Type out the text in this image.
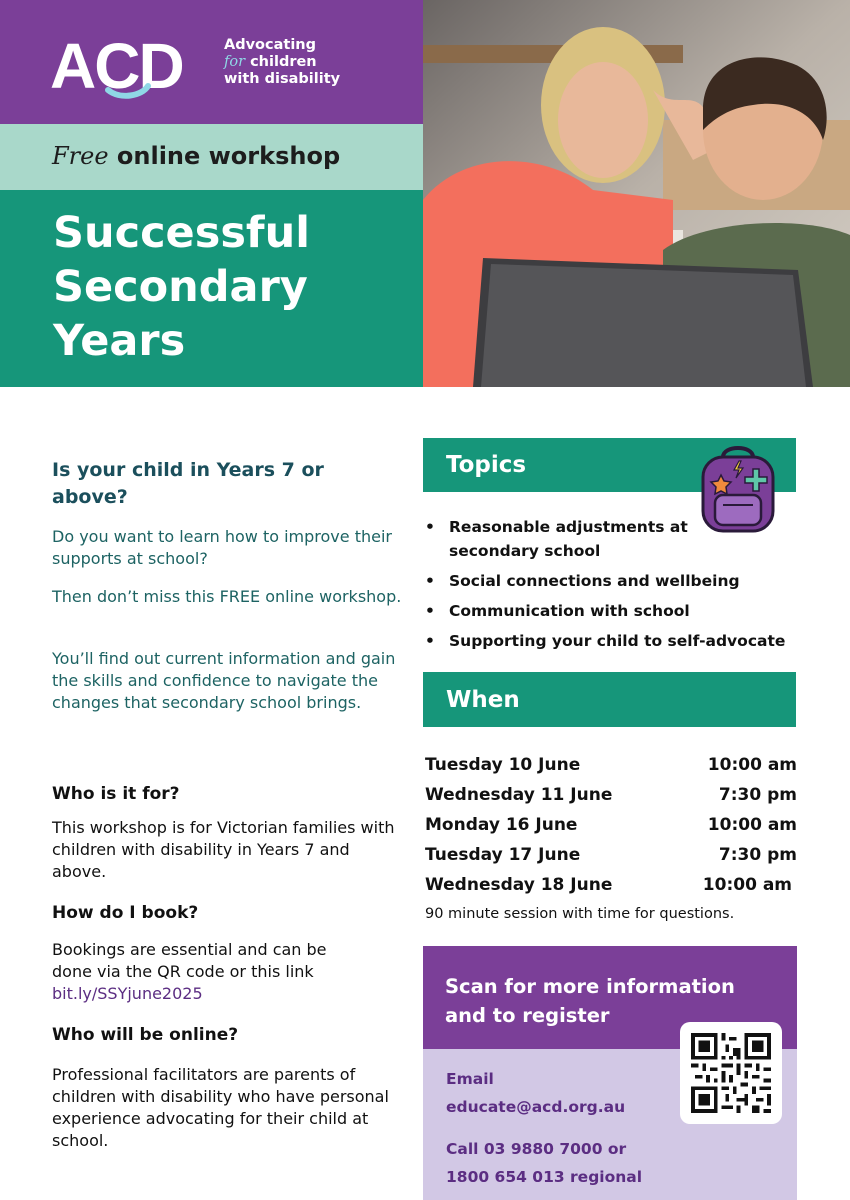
ACD	Advocating
for children
with disability
Free online workshop
Successful
Secondary
Years
Is your child in Years 7 or above?
Do you want to learn how to improve their supports at school?
Then don’t miss this FREE online workshop.
You’ll find out current information and gain the skills and confidence to navigate the changes that secondary school brings.
Who is it for?
This workshop is for Victorian families with children with disability in Years 7 and above.
How do I book?
Bookings are essential and can be done via the QR code or this link bit.ly/SSYjune2025
Who will be online?
Professional facilitators are parents of children with disability who have personal experience advocating for their child at school.
Topics
• Reasonable adjustments at secondary school
• Social connections and wellbeing
• Communication with school
• Supporting your child to self-advocate
When
Tuesday 10 June	10:00 am
Wednesday 11 June	7:30 pm
Monday 16 June	10:00 am
Tuesday 17 June	7:30 pm
Wednesday 18 June	10:00 am
90 minute session with time for questions.
Scan for more information and to register
Email
educate@acd.org.au
Call 03 9880 7000 or
1800 654 013 regional
